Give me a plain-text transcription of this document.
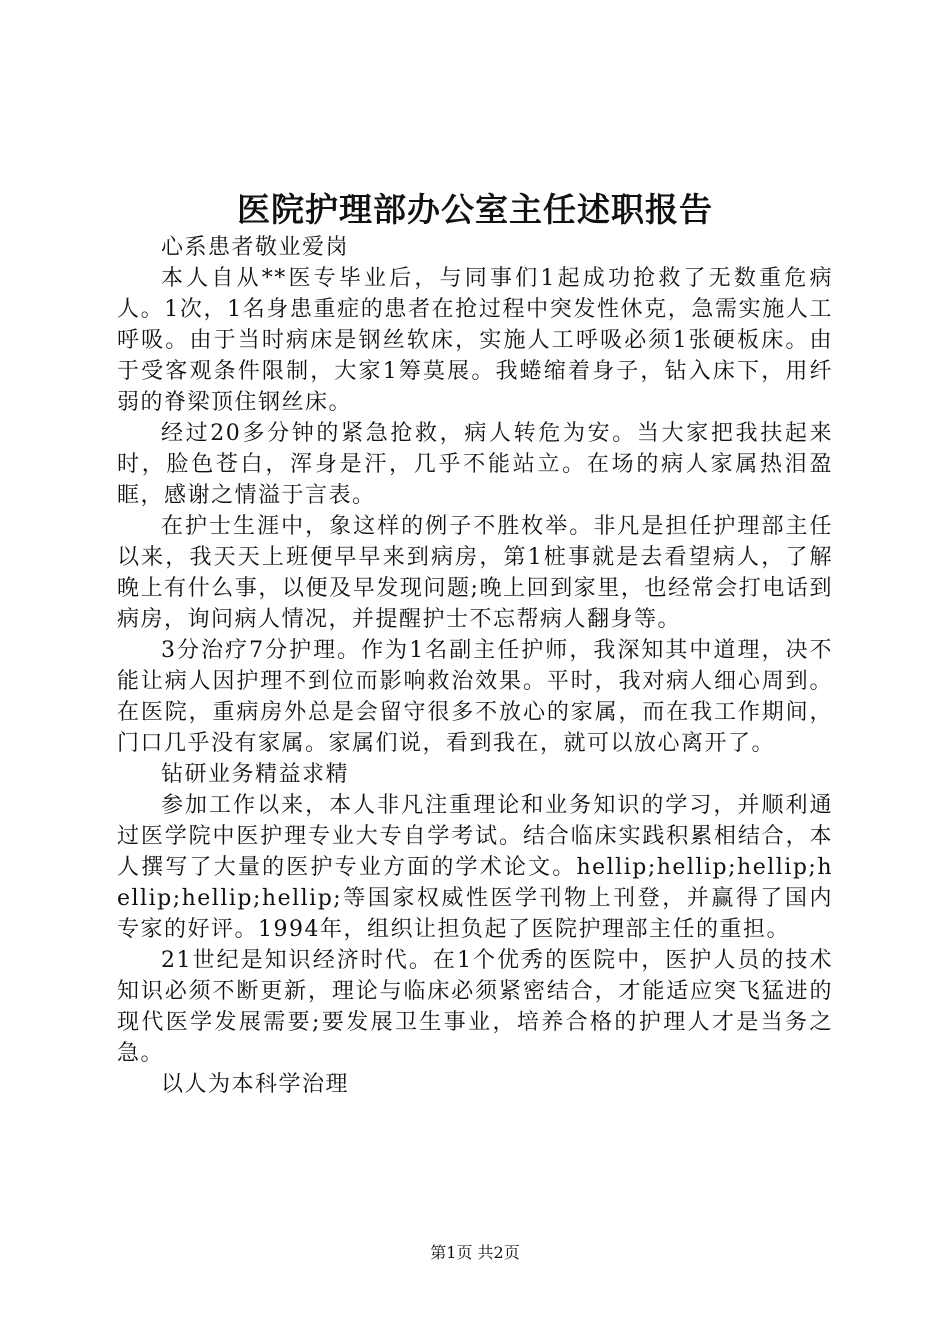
医院护理部办公室主任述职报告

心系患者敬业爱岗

本人自从**医专毕业后，与同事们1起成功抢救了无数重危病人。1次，1名身患重症的患者在抢过程中突发性休克，急需实施人工呼吸。由于当时病床是钢丝软床，实施人工呼吸必须1张硬板床。由于受客观条件限制，大家1筹莫展。我蜷缩着身子，钻入床下，用纤弱的脊梁顶住钢丝床。

经过20多分钟的紧急抢救，病人转危为安。当大家把我扶起来时，脸色苍白，浑身是汗，几乎不能站立。在场的病人家属热泪盈眶，感谢之情溢于言表。

在护士生涯中，象这样的例子不胜枚举。非凡是担任护理部主任以来，我天天上班便早早来到病房，第1桩事就是去看望病人，了解晚上有什么事，以便及早发现问题;晚上回到家里，也经常会打电话到病房，询问病人情况，并提醒护士不忘帮病人翻身等。

3分治疗7分护理。作为1名副主任护师，我深知其中道理，决不能让病人因护理不到位而影响救治效果。平时，我对病人细心周到。在医院，重病房外总是会留守很多不放心的家属，而在我工作期间，门口几乎没有家属。家属们说，看到我在，就可以放心离开了。

钻研业务精益求精

参加工作以来，本人非凡注重理论和业务知识的学习，并顺利通过医学院中医护理专业大专自学考试。结合临床实践积累相结合，本人撰写了大量的医护专业方面的学术论文。hellip;hellip;hellip;hellip;hellip;hellip;等国家权威性医学刊物上刊登，并赢得了国内专家的好评。1994年，组织让担负起了医院护理部主任的重担。

21世纪是知识经济时代。在1个优秀的医院中，医护人员的技术知识必须不断更新，理论与临床必须紧密结合，才能适应突飞猛进的现代医学发展需要;要发展卫生事业，培养合格的护理人才是当务之急。

以人为本科学治理

第1页 共2页
